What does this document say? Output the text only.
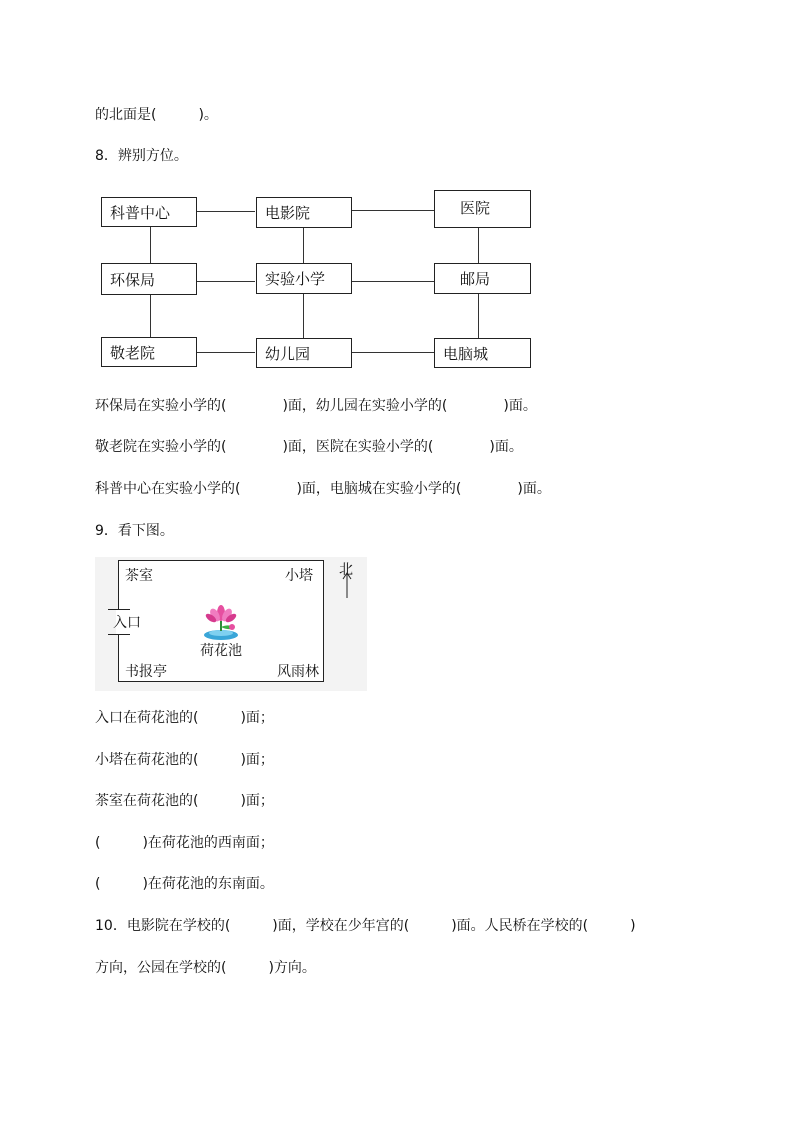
的北面是(　　　)。
8．辨别方位。
科普中心	电影院	医院
环保局	实验小学	邮局
敬老院	幼儿园	电脑城
环保局在实验小学的(　　　　)面，幼儿园在实验小学的(　　　　)面。
敬老院在实验小学的(　　　　)面，医院在实验小学的(　　　　)面。
科普中心在实验小学的(　　　　)面，电脑城在实验小学的(　　　　)面。
9．看下图。
茶室	小塔
书报亭	风雨林
荷花池
入口
北
入口在荷花池的(　　　)面；
小塔在荷花池的(　　　)面；
茶室在荷花池的(　　　)面；
(　　　)在荷花池的西南面；
(　　　)在荷花池的东南面。
10．电影院在学校的(　　　)面，学校在少年宫的(　　　)面。人民桥在学校的(　　　)
方向，公园在学校的(　　　)方向。
